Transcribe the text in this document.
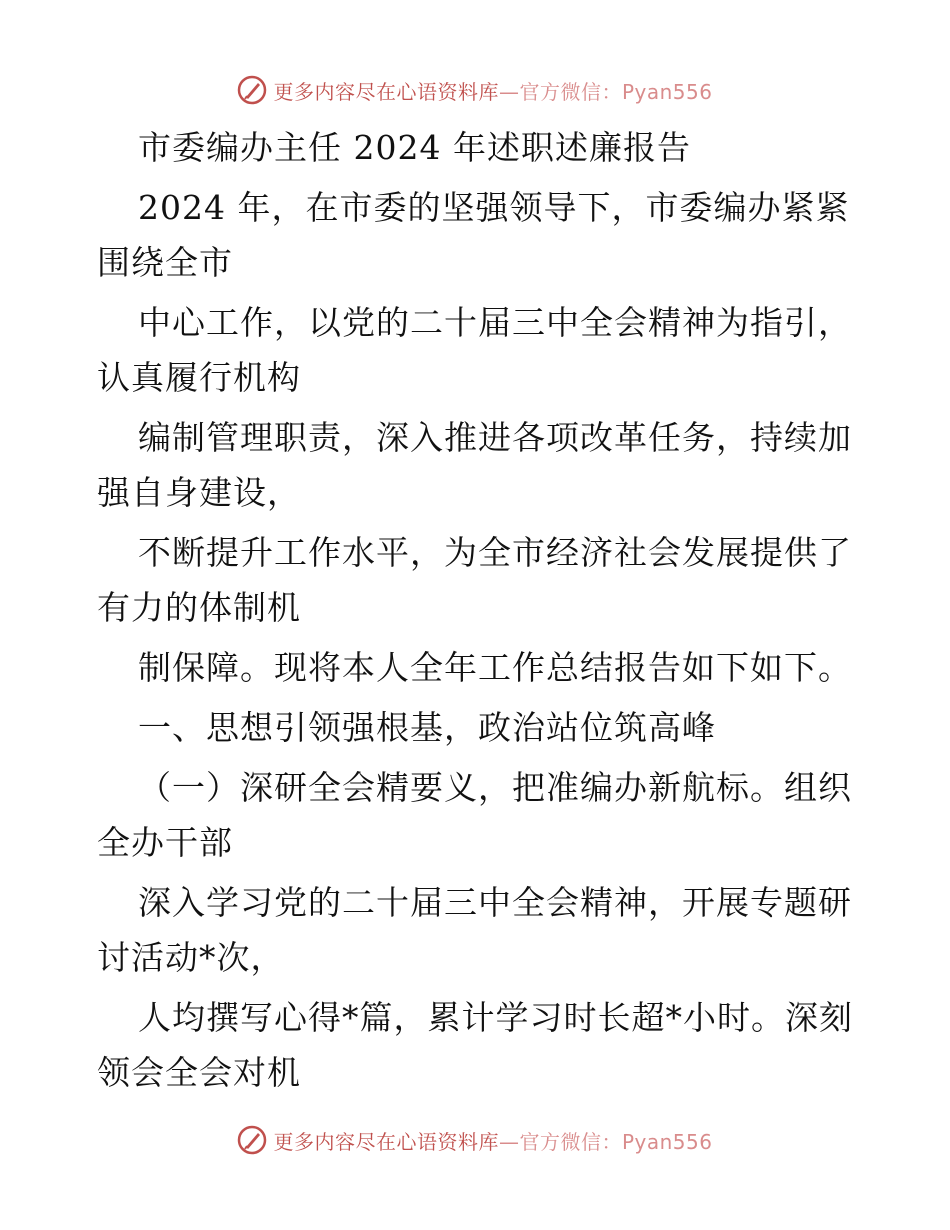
更多内容尽在心语资料库—官方微信：Pyan556
市委编办主任 2024 年述职述廉报告
2024 年，在市委的坚强领导下，市委编办紧紧
围绕全市
中心工作，以党的二十届三中全会精神为指引，
认真履行机构
编制管理职责，深入推进各项改革任务，持续加
强自身建设，
不断提升工作水平，为全市经济社会发展提供了
有力的体制机
制保障。现将本人全年工作总结报告如下如下。
一、思想引领强根基，政治站位筑高峰
（一）深研全会精要义，把准编办新航标。组织
全办干部
深入学习党的二十届三中全会精神，开展专题研
讨活动*次，
人均撰写心得*篇，累计学习时长超*小时。深刻
领会全会对机
更多内容尽在心语资料库—官方微信：Pyan556
